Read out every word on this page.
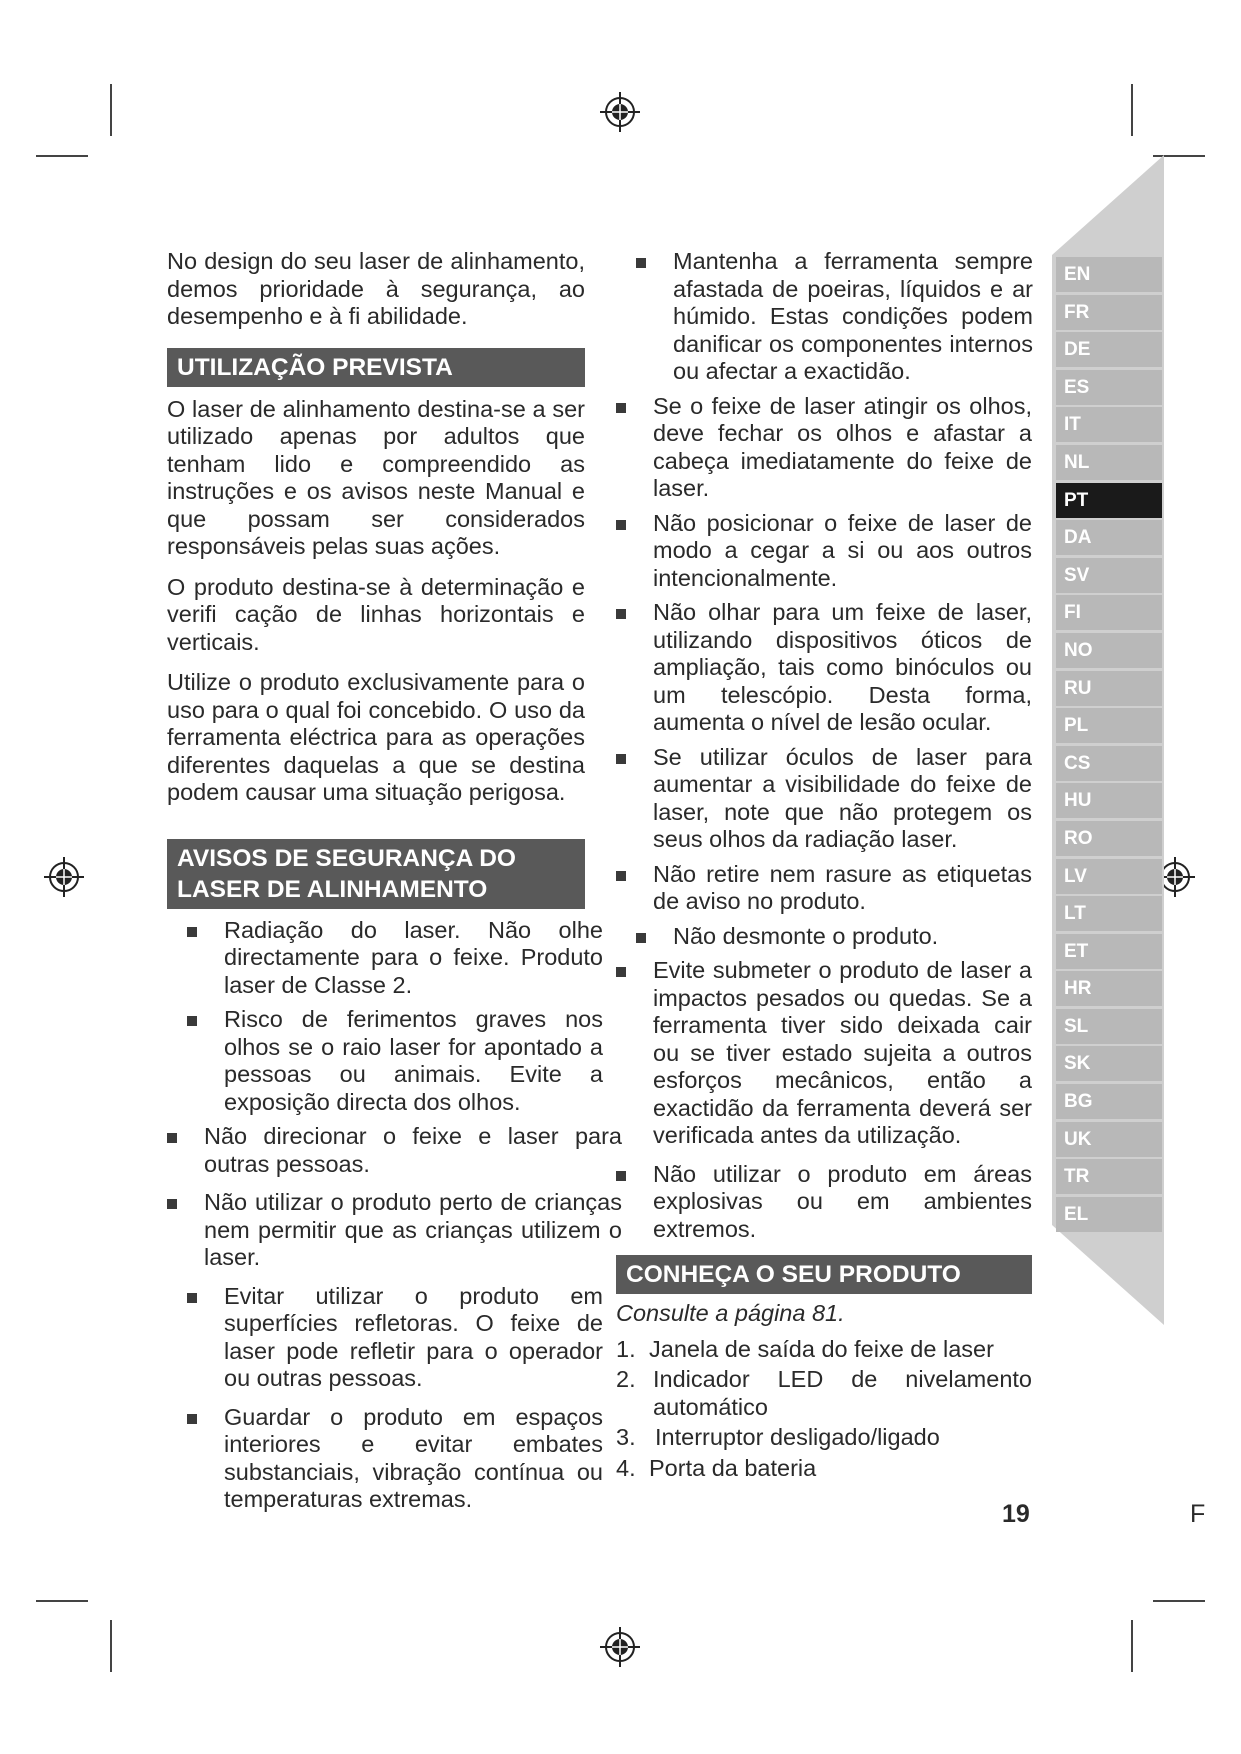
EN
FR
DE
ES
IT
NL
PT
DA
SV
FI
NO
RU
PL
CS
HU
RO
LV
LT
ET
HR
SL
SK
BG
UK
TR
EL

No design do seu laser de alinhamento, demos prioridade à segurança, ao desempenho e à fi abilidade.

UTILIZAÇÃO PREVISTA

O laser de alinhamento destina-se a ser utilizado apenas por adultos que tenham lido e compreendido as instruções e os avisos neste Manual e que possam ser considerados responsáveis pelas suas ações.

O produto destina-se à determinação e verifi cação de linhas horizontais e verticais.

Utilize o produto exclusivamente para o uso para o qual foi concebido. O uso da ferramenta eléctrica para as operações diferentes daquelas a que se destina podem causar uma situação perigosa.

AVISOS DE SEGURANÇA DO
LASER DE ALINHAMENTO
Radiação do laser. Não olhe directamente para o feixe. Produto laser de Classe 2.
Risco de ferimentos graves nos olhos se o raio laser for apontado a pessoas ou animais. Evite a exposição directa dos olhos.
Não direcionar o feixe e laser para outras pessoas.
Não utilizar o produto perto de crianças nem permitir que as crianças utilizem o laser.
Evitar utilizar o produto em superfícies refletoras. O feixe de laser pode refletir para o operador ou outras pessoas.
Guardar o produto em espaços interiores e evitar embates substanciais, vibração contínua ou temperaturas extremas.
Mantenha a ferramenta sempre afastada de poeiras, líquidos e ar húmido. Estas condições podem danificar os componentes internos ou afectar a exactidão.
Se o feixe de laser atingir os olhos, deve fechar os olhos e afastar a cabeça imediatamente do feixe de laser.
Não posicionar o feixe de laser de modo a cegar a si ou aos outros intencionalmente.
Não olhar para um feixe de laser, utilizando dispositivos óticos de ampliação, tais como binóculos ou um telescópio. Desta forma, aumenta o nível de lesão ocular.
Se utilizar óculos de laser para aumentar a visibilidade do feixe de laser, note que não protegem os seus olhos da radiação laser.
Não retire nem rasure as etiquetas de aviso no produto.
Não desmonte o produto.
Evite submeter o produto de laser a impactos pesados ou quedas. Se a ferramenta tiver sido deixada cair ou se tiver estado sujeita a outros esforços mecânicos, então a exactidão da ferramenta deverá ser verificada antes da utilização.
Não utilizar o produto em áreas explosivas ou em ambientes extremos.
CONHEÇA O SEU PRODUTO
Consulte a página 81.
1. Janela de saída do feixe de laser
2. Indicador LED de nivelamento automático
3. Interruptor desligado/ligado
4. Porta da bateria
19	F
